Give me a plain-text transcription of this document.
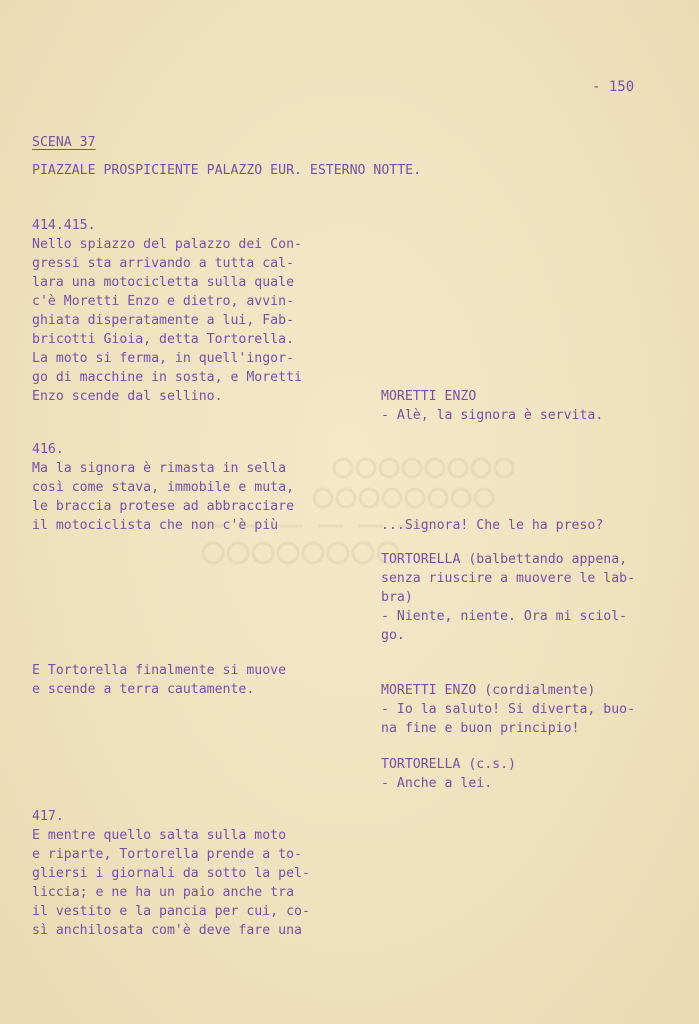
- 150
SCENA 37
PIAZZALE PROSPICIENTE PALAZZO EUR. ESTERNO NOTTE.
414.415.
Nello spiazzo del palazzo dei Con-
gressi sta arrivando a tutta cal-
lara una motocicletta sulla quale
c'è Moretti Enzo e dietro, avvin-
ghiata disperatamente a lui, Fab-
bricotti Gioia, detta Tortorella.
La moto si ferma, in quell'ingor-
go di macchine in sosta, e Moretti
Enzo scende dal sellino.	MORETTI ENZO
- Alè, la signora è servita.
416.
Ma la signora è rimasta in sella
così come stava, immobile e muta,
le braccia protese ad abbracciare
il motociclista che non c'è più	...Signora! Che le ha preso?
TORTORELLA (balbettando appena,
senza riuscire a muovere le lab-
bra)
- Niente, niente. Ora mi sciol-
go.
E Tortorella finalmente si muove
e scende a terra cautamente.	MORETTI ENZO (cordialmente)
- Io la saluto! Si diverta, buo-
na fine e buon principio!
TORTORELLA (c.s.)
- Anche a lei.
417.
E mentre quello salta sulla moto
e riparte, Tortorella prende a to-
gliersi i giornali da sotto la pel-
liccia; e ne ha un paio anche tra
il vestito e la pancia per cui, co-
sì anchilosata com'è deve fare una
